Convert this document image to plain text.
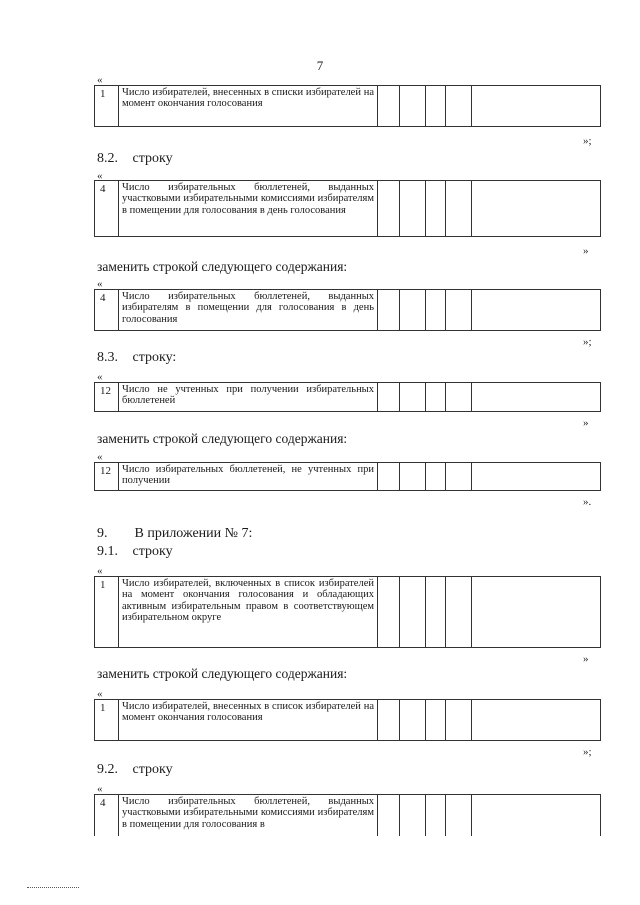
7
«
1	Число избирателей, внесенных в списки избирателей на момент окончания голосования
»;
8.2. строку
«
4	Число избирательных бюллетеней, выданных участковыми избирательными комиссиями избирателям в помещении для голосования в день голосования
»
заменить строкой следующего содержания:
«
4	Число избирательных бюллетеней, выданных избирателям в помещении для голосования в день голосования
»;
8.3. строку:
«
12	Число не учтенных при получении избирательных бюллетеней
»
заменить строкой следующего содержания:
«
12	Число избирательных бюллетеней, не учтенных при получении
».
9. В приложении № 7:
9.1. строку
«
1	Число избирателей, включенных в список избирателей на момент окончания голосования и обладающих активным избирательным правом в соответствующем избирательном округе
»
заменить строкой следующего содержания:
«
1	Число избирателей, внесенных в список избирателей на момент окончания голосования
»;
9.2. строку
«
4	Число избирательных бюллетеней, выданных участковыми избирательными комиссиями избирателям в помещении для голосования в
